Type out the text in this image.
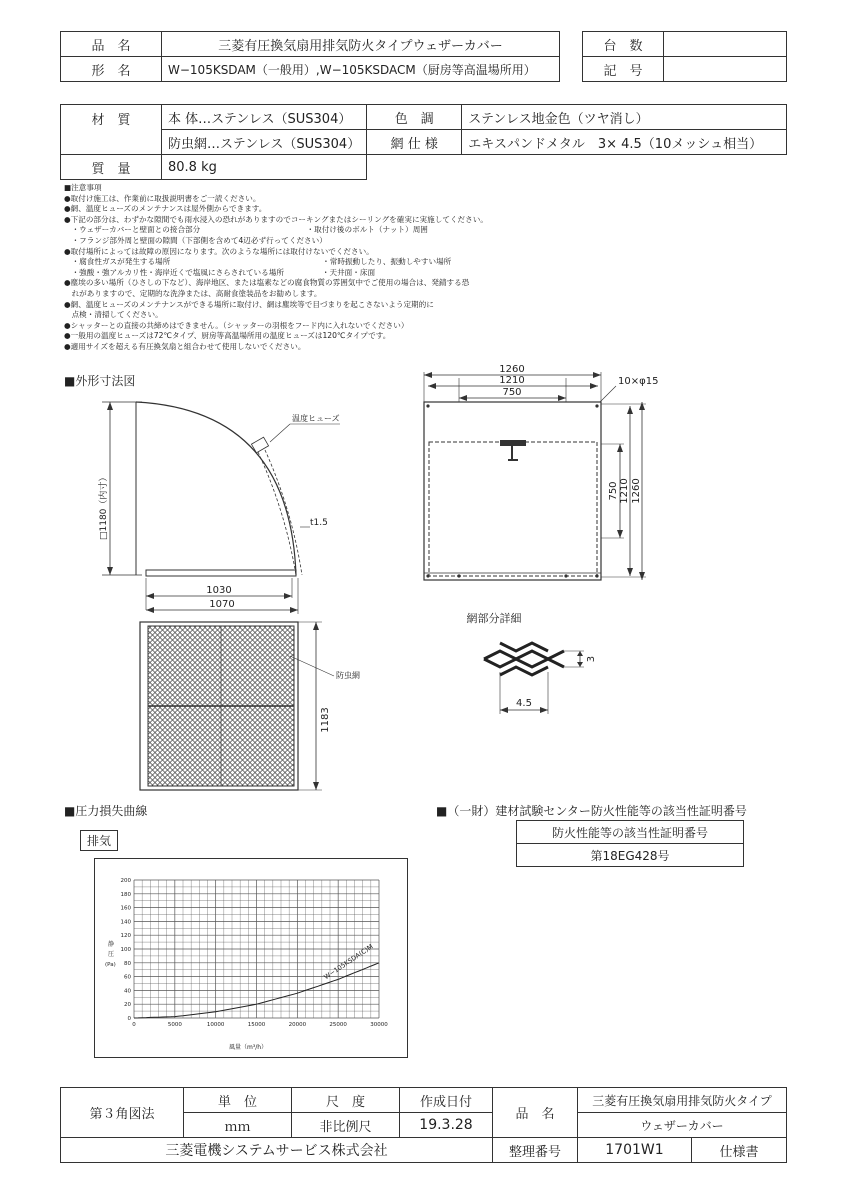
品　名	三菱有圧換気扇用排気防火タイプウェザーカバー
形　名	W−105KSDAM（一般用）,W−105KSDACM（厨房等高温場所用）
台　数	
記　号	
材　質	本 体…ステンレス（SUS304）	色　調	ステンレス地金色（ツヤ消し）
	防虫網…ステンレス（SUS304）	網 仕 様	エキスパンドメタル　3× 4.5（10メッシュ相当）
質　量	80.8 kg		
■注意事項
●取付け施工は、作業前に取扱説明書をご一読ください。
●網、温度ヒューズのメンテナンスは屋外側からできます。
●下記の部分は、わずかな隙間でも雨水浸入の恐れがありますのでコーキングまたはシーリングを確実に実施してください。
　・ウェザーカバーと壁面との接合部分　　　　　　　　　　　　　　・取付け後のボルト（ナット）周囲
　・フランジ部外周と壁面の隙間（下部側を含めて4辺必ず行ってください）
●取付場所によっては故障の原因になります。次のような場所には取付けないでください。
　・腐食性ガスが発生する場所　　　　　　　　　　　　　　　　　　　　・常時振動したり、振動しやすい場所
　・強酸・強アルカリ性・海岸近くで塩風にさらされている場所　　　　　・天井面・床面
●塵埃の多い場所（ひさしの下など）、海岸地区、または塩素などの腐食物質の雰囲気中でご使用の場合は、発錆する恐
　れがありますので、定期的な洗浄または、高耐食塗装品をお勧めします。
●網、温度ヒューズのメンテナンスができる場所に取付け、網は塵埃等で目づまりを起こさないよう定期的に
　点検・清掃してください。
●シャッターとの直接の共締めはできません。（シャッターの羽根をフード内に入れないでください）
●一般用の温度ヒューズは72℃タイプ、厨房等高温場所用の温度ヒューズは120℃タイプです。
●適用サイズを超える有圧換気扇と組合わせて使用しないでください。
■外形寸法図
□1180（内寸）
温度ヒューズ
t1.5
1030
1070
1183
防虫網
1260
1210
750
10×φ15
750 1210 1260
網部分詳細
4.5
3
■（一財）建材試験センター防火性能等の該当性証明番号
防火性能等の該当性証明番号
第18EG428号
■圧力損失曲線
排気
0	5000	10000	15000	20000	25000	30000
0
20
40
60
80
100
120
140
160
180
200
W−105KSDA(C)M
静
圧
(Pa)
風量（m³/h）
第３角図法	単　位	尺　度	作成日付	品　名	三菱有圧換気扇用排気防火タイプ
	ｍｍ	非比例尺	19.3.28		ウェザーカバー
三菱電機システムサービス株式会社				整理番号	1701W1 仕様書
